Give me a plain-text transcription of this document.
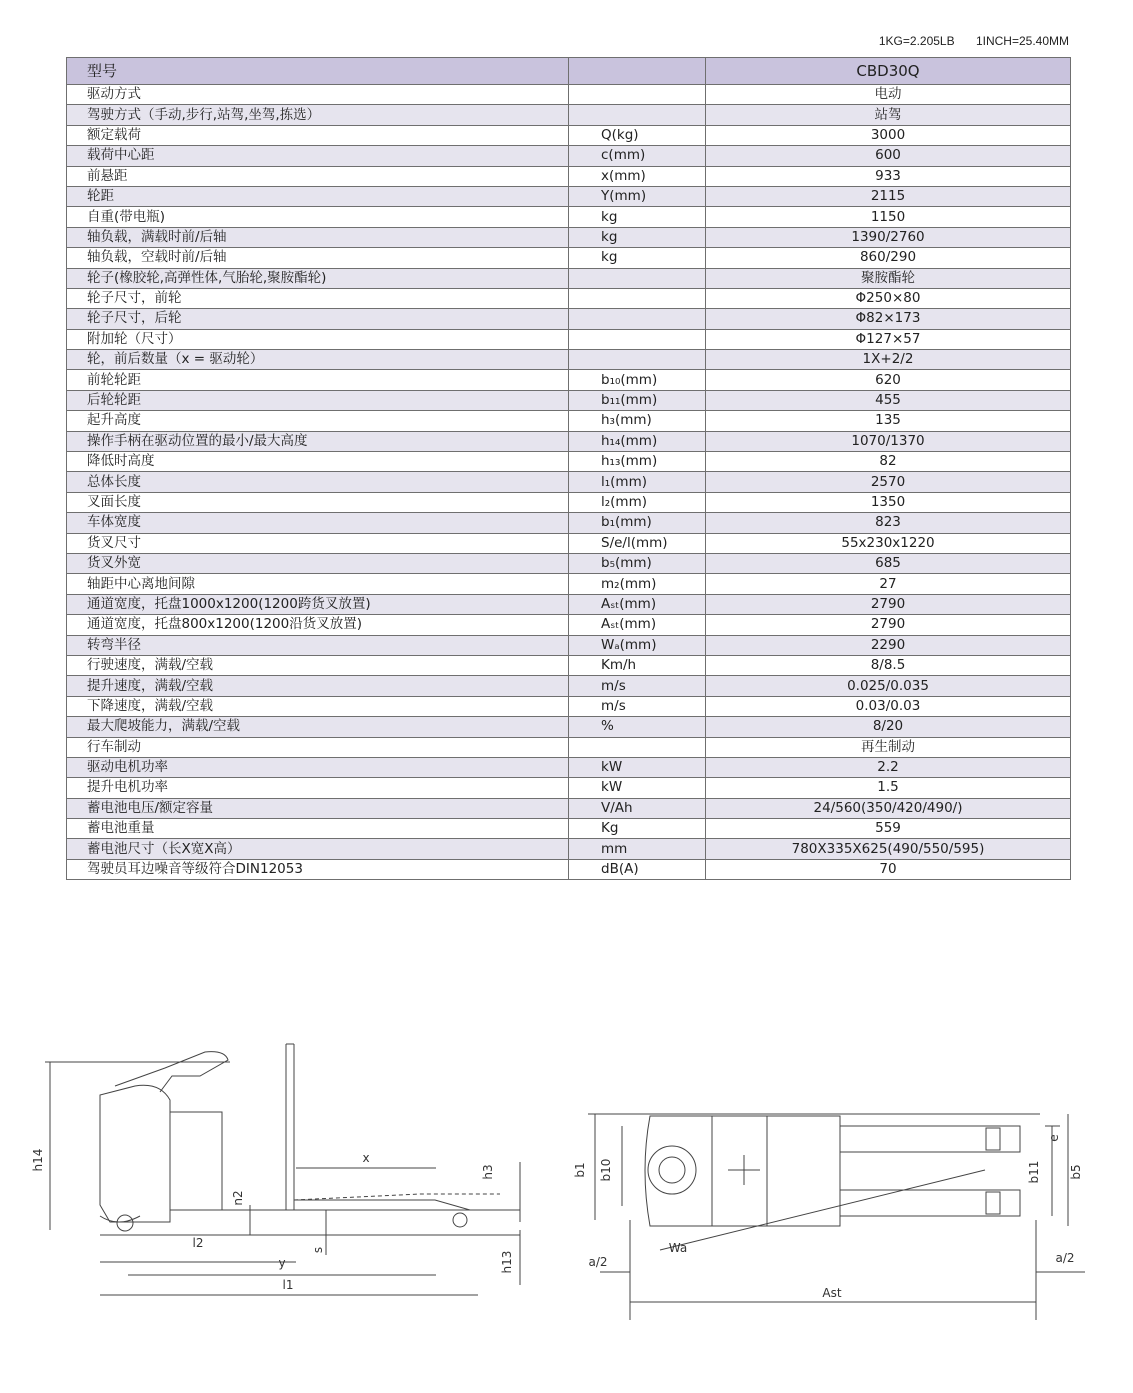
1KG=2.205LB 1INCH=25.40MM
型号		CBD30Q
驱动方式		电动
驾驶方式（手动,步行,站驾,坐驾,拣选）		站驾
额定载荷	Q(kg)	3000
载荷中心距	c(mm)	600
前悬距	x(mm)	933
轮距	Y(mm)	2115
自重(带电瓶)	kg	1150
轴负载，满载时前/后轴	kg	1390/2760
轴负载，空载时前/后轴	kg	860/290
轮子(橡胶轮,高弹性体,气胎轮,聚胺酯轮)		聚胺酯轮
轮子尺寸，前轮		Φ250×80
轮子尺寸，后轮		Φ82×173
附加轮（尺寸）		Φ127×57
轮，前后数量（x = 驱动轮）		1X+2/2
前轮轮距	b₁₀(mm)	620
后轮轮距	b₁₁(mm)	455
起升高度	h₃(mm)	135
操作手柄在驱动位置的最小/最大高度	h₁₄(mm)	1070/1370
降低时高度	h₁₃(mm)	82
总体长度	l₁(mm)	2570
叉面长度	l₂(mm)	1350
车体宽度	b₁(mm)	823
货叉尺寸	S/e/l(mm)	55x230x1220
货叉外宽	b₅(mm)	685
轴距中心离地间隙	m₂(mm)	27
通道宽度，托盘1000x1200(1200跨货叉放置)	Aₛₜ(mm)	2790
通道宽度，托盘800x1200(1200沿货叉放置)	Aₛₜ(mm)	2790
转弯半径	Wₐ(mm)	2290
行驶速度，满载/空载	Km/h	8/8.5
提升速度，满载/空载	m/s	0.025/0.035
下降速度，满载/空载	m/s	0.03/0.03
最大爬坡能力，满载/空载	%	8/20
行车制动		再生制动
驱动电机功率	kW	2.2
提升电机功率	kW	1.5
蓄电池电压/额定容量	V/Ah	24/560(350/420/490/)
蓄电池重量	Kg	559
蓄电池尺寸（长X宽X高）	mm	780X335X625(490/550/595)
驾驶员耳边噪音等级符合DIN12053	dB(A)	70
h14	x
h3
n2
l2	s
y	h13
l1
b1 b10
e
b11 b5
a/2
Wa
a/2
Ast
